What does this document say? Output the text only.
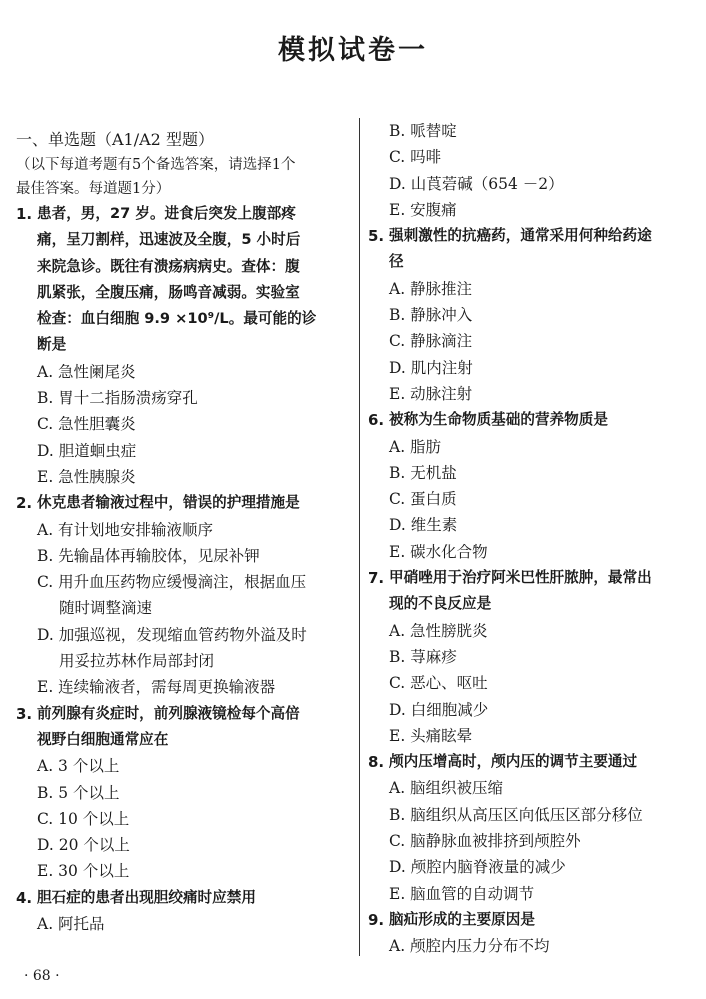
模拟试卷一
一、单选题（A1/A2 型题）
（以下每道考题有5个备选答案，请选择1个
最佳答案。每道题1分）
1. 患者，男，27 岁。进食后突发上腹部疼
痛，呈刀割样，迅速波及全腹，5 小时后
来院急诊。既往有溃疡病病史。查体：腹
肌紧张，全腹压痛，肠鸣音减弱。实验室
检查：血白细胞 9.9 ×10⁹/L。最可能的诊
断是
A. 急性阑尾炎
B. 胃十二指肠溃疡穿孔
C. 急性胆囊炎
D. 胆道蛔虫症
E. 急性胰腺炎
2. 休克患者输液过程中，错误的护理措施是
A. 有计划地安排输液顺序
B. 先输晶体再输胶体，见尿补钾
C. 用升血压药物应缓慢滴注，根据血压
随时调整滴速
D. 加强巡视，发现缩血管药物外溢及时
用妥拉苏林作局部封闭
E. 连续输液者，需每周更换输液器
3. 前列腺有炎症时，前列腺液镜检每个高倍
视野白细胞通常应在
A. 3 个以上
B. 5 个以上
C. 10 个以上
D. 20 个以上
E. 30 个以上
4. 胆石症的患者出现胆绞痛时应禁用
A. 阿托品
B. 哌替啶
C. 吗啡
D. 山莨菪碱（654 －2）
E. 安腹痛
5. 强刺激性的抗癌药，通常采用何种给药途
径
A. 静脉推注
B. 静脉冲入
C. 静脉滴注
D. 肌内注射
E. 动脉注射
6. 被称为生命物质基础的营养物质是
A. 脂肪
B. 无机盐
C. 蛋白质
D. 维生素
E. 碳水化合物
7. 甲硝唑用于治疗阿米巴性肝脓肿，最常出
现的不良反应是
A. 急性膀胱炎
B. 荨麻疹
C. 恶心、呕吐
D. 白细胞减少
E. 头痛眩晕
8. 颅内压增高时，颅内压的调节主要通过
A. 脑组织被压缩
B. 脑组织从高压区向低压区部分移位
C. 脑静脉血被排挤到颅腔外
D. 颅腔内脑脊液量的减少
E. 脑血管的自动调节
9. 脑疝形成的主要原因是
A. 颅腔内压力分布不均
· 68 ·
